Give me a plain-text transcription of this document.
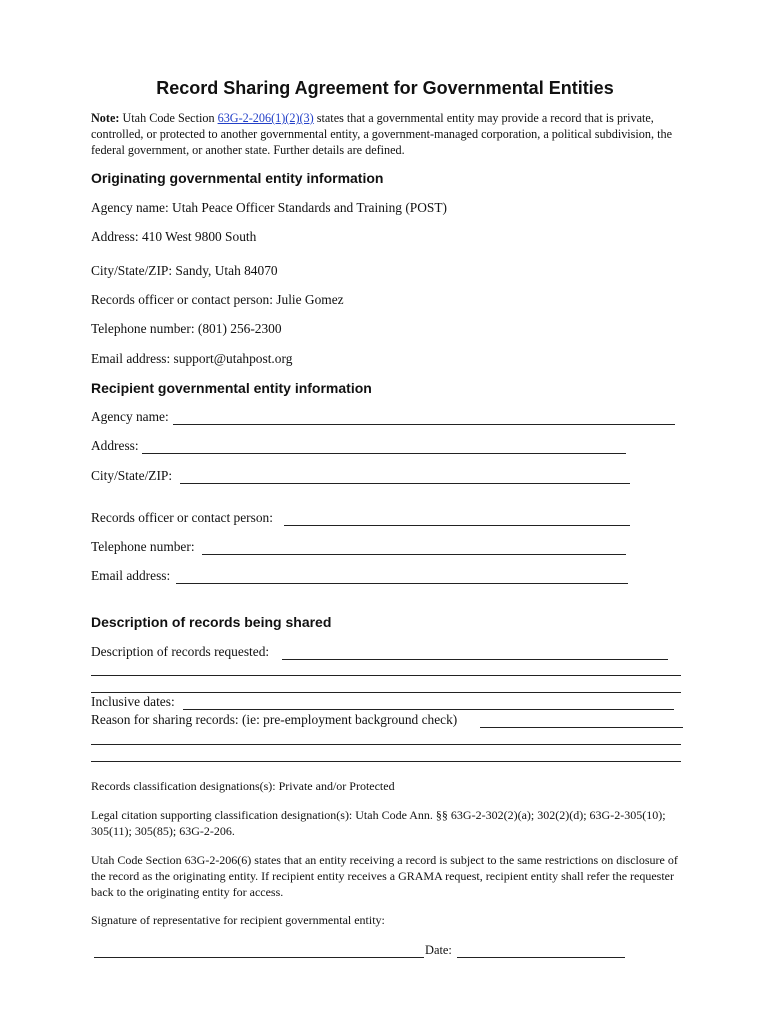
Record Sharing Agreement for Governmental Entities
Note: Utah Code Section 63G-2-206(1)(2)(3) states that a governmental entity may provide a record that is private, controlled, or protected to another governmental entity, a government-managed corporation, a political subdivision, the federal government, or another state. Further details are defined.
Originating governmental entity information
Agency name: Utah Peace Officer Standards and Training (POST)
Address: 410 West 9800 South
City/State/ZIP: Sandy, Utah 84070
Records officer or contact person: Julie Gomez
Telephone number: (801) 256-2300
Email address: support@utahpost.org
Recipient governmental entity information
Agency name:
Address:
City/State/ZIP:
Records officer or contact person:
Telephone number:
Email address:
Description of records being shared
Description of records requested:
Inclusive dates:
Reason for sharing records: (ie: pre-employment background check)
Records classification designations(s): Private and/or Protected
Legal citation supporting classification designation(s): Utah Code Ann. §§ 63G-2-302(2)(a); 302(2)(d); 63G-2-305(10); 305(11); 305(85); 63G-2-206.
Utah Code Section 63G-2-206(6) states that an entity receiving a record is subject to the same restrictions on disclosure of the record as the originating entity. If recipient entity receives a GRAMA request, recipient entity shall refer the requester back to the originating entity for access.
Signature of representative for recipient governmental entity:
Date:
